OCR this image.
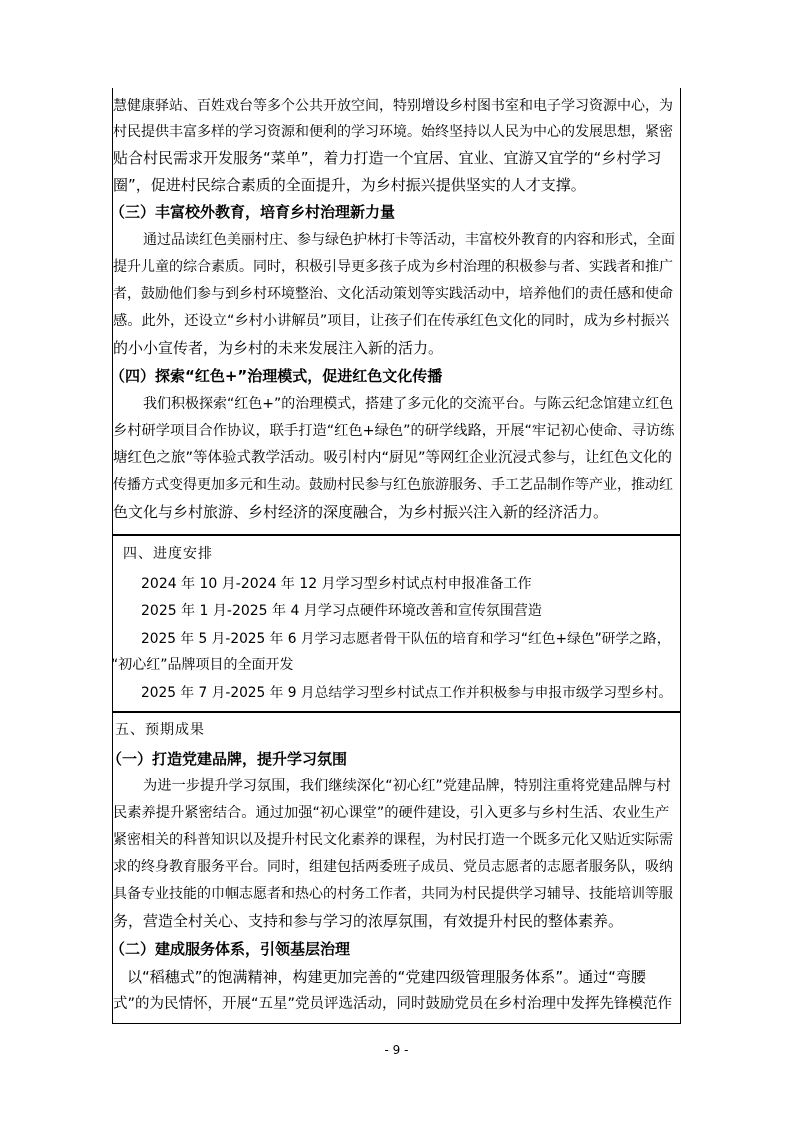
慧健康驿站、百姓戏台等多个公共开放空间，特别增设乡村图书室和电子学习资源中心，为
村民提供丰富多样的学习资源和便利的学习环境。始终坚持以人民为中心的发展思想，紧密
贴合村民需求开发服务“菜单”，着力打造一个宜居、宜业、宜游又宜学的“乡村学习
圈”，促进村民综合素质的全面提升，为乡村振兴提供坚实的人才支撑。
（三）丰富校外教育，培育乡村治理新力量
通过品读红色美丽村庄、参与绿色护林打卡等活动，丰富校外教育的内容和形式，全面
提升儿童的综合素质。同时，积极引导更多孩子成为乡村治理的积极参与者、实践者和推广
者，鼓励他们参与到乡村环境整治、文化活动策划等实践活动中，培养他们的责任感和使命
感。此外，还设立“乡村小讲解员”项目，让孩子们在传承红色文化的同时，成为乡村振兴
的小小宣传者，为乡村的未来发展注入新的活力。
（四）探索“红色+”治理模式，促进红色文化传播
我们积极探索“红色+”的治理模式，搭建了多元化的交流平台。与陈云纪念馆建立红色
乡村研学项目合作协议，联手打造“红色+绿色”的研学线路，开展“牢记初心使命、寻访练
塘红色之旅”等体验式教学活动。吸引村内“厨见”等网红企业沉浸式参与，让红色文化的
传播方式变得更加多元和生动。鼓励村民参与红色旅游服务、手工艺品制作等产业，推动红
色文化与乡村旅游、乡村经济的深度融合，为乡村振兴注入新的经济活力。
四、进度安排
2024 年 10 月-2024 年 12 月学习型乡村试点村申报准备工作
2025 年 1 月-2025 年 4 月学习点硬件环境改善和宣传氛围营造
2025 年 5 月-2025 年 6 月学习志愿者骨干队伍的培育和学习“红色+绿色”研学之路，
“初心红”品牌项目的全面开发
2025 年 7 月-2025 年 9 月总结学习型乡村试点工作并积极参与申报市级学习型乡村。
五、预期成果
（一）打造党建品牌，提升学习氛围
为进一步提升学习氛围，我们继续深化“初心红”党建品牌，特别注重将党建品牌与村
民素养提升紧密结合。通过加强“初心课堂”的硬件建设，引入更多与乡村生活、农业生产
紧密相关的科普知识以及提升村民文化素养的课程，为村民打造一个既多元化又贴近实际需
求的终身教育服务平台。同时，组建包括两委班子成员、党员志愿者的志愿者服务队，吸纳
具备专业技能的巾帼志愿者和热心的村务工作者，共同为村民提供学习辅导、技能培训等服
务，营造全村关心、支持和参与学习的浓厚氛围，有效提升村民的整体素养。
（二）建成服务体系，引领基层治理
以“稻穗式”的饱满精神，构建更加完善的“党建四级管理服务体系”。通过“弯腰
式”的为民情怀，开展“五星”党员评选活动，同时鼓励党员在乡村治理中发挥先锋模范作
- 9 -
